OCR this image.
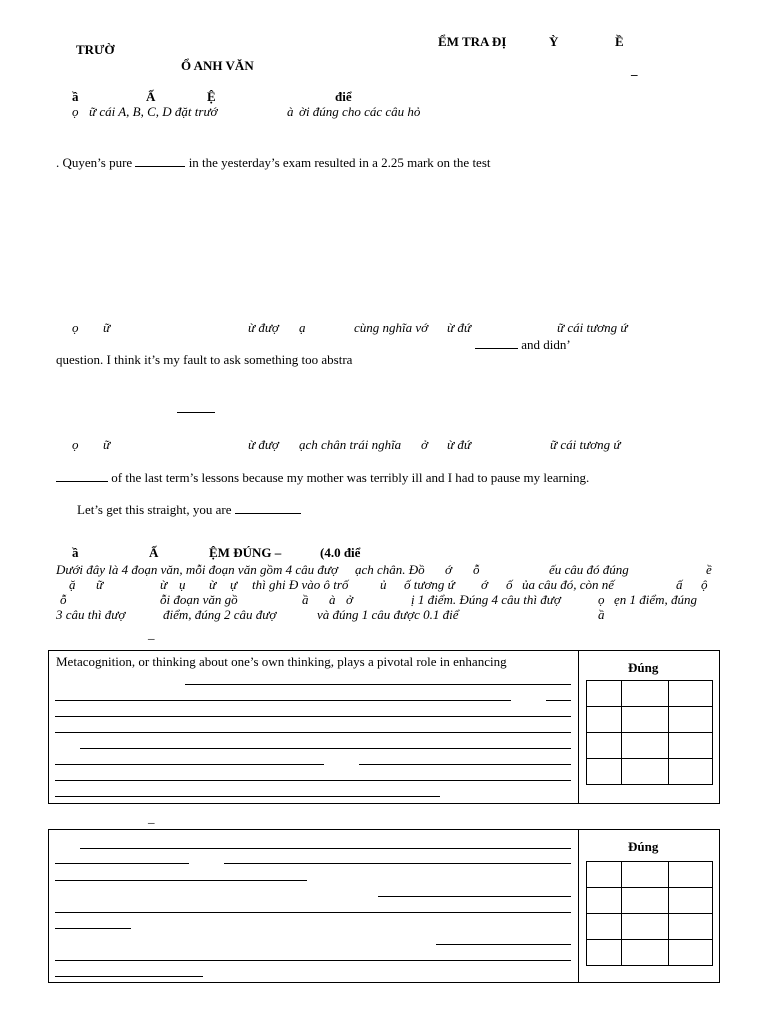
TRƯỜ
ỂM TRA ĐỊ	Ỳ	Ề
Ổ ANH VĂN	_
ầ	Ấ	Ệ	điể
ọ ữ cái A, B, C, D đặt trướ	à ời đúng cho các câu hỏ
. Quyen’s pure	in the yesterday’s exam resulted in a 2.25 mark on the test
ọ ữ	ừ đượ ạ	cùng nghĩa vớ ừ đứ	ữ cái tương ứ
and didn’
question. I think it’s my fault to ask something too abstra
ọ ữ	ừ đượ ạch chân trái nghĩa ở ừ đứ	ữ cái tương ứ
of the last term’s lessons because my mother was terribly ill and I had to pause my learning.
Let’s get this straight, you are
ầ	Ấ	ỆM ĐÚNG –	(4.0 điể
Dưới đây là 4 đoạn văn, mỗi đoạn văn gồm 4 câu đượ ạch chân. Đồ ớ ỗ	ếu câu đó đúng	ề
ặ ữ	ừ ụ ừ ự thì ghi Đ vào ô trố ủ ố tương ứ ớ ố ủa câu đó, còn nế	ấ ộ
ỗ	ỗi đoạn văn gồ	ầ à ở	ị 1 điểm. Đúng 4 câu thì đượ	ọ ẹn 1 điểm, đúng
3 câu thì đượ	điểm, đúng 2 câu đượ	và đúng 1 câu được 0.1 điể	ầ
_
Metacognition, or thinking about one’s own thinking, plays a pivotal role in enhancing	Đúng

_
Đúng
